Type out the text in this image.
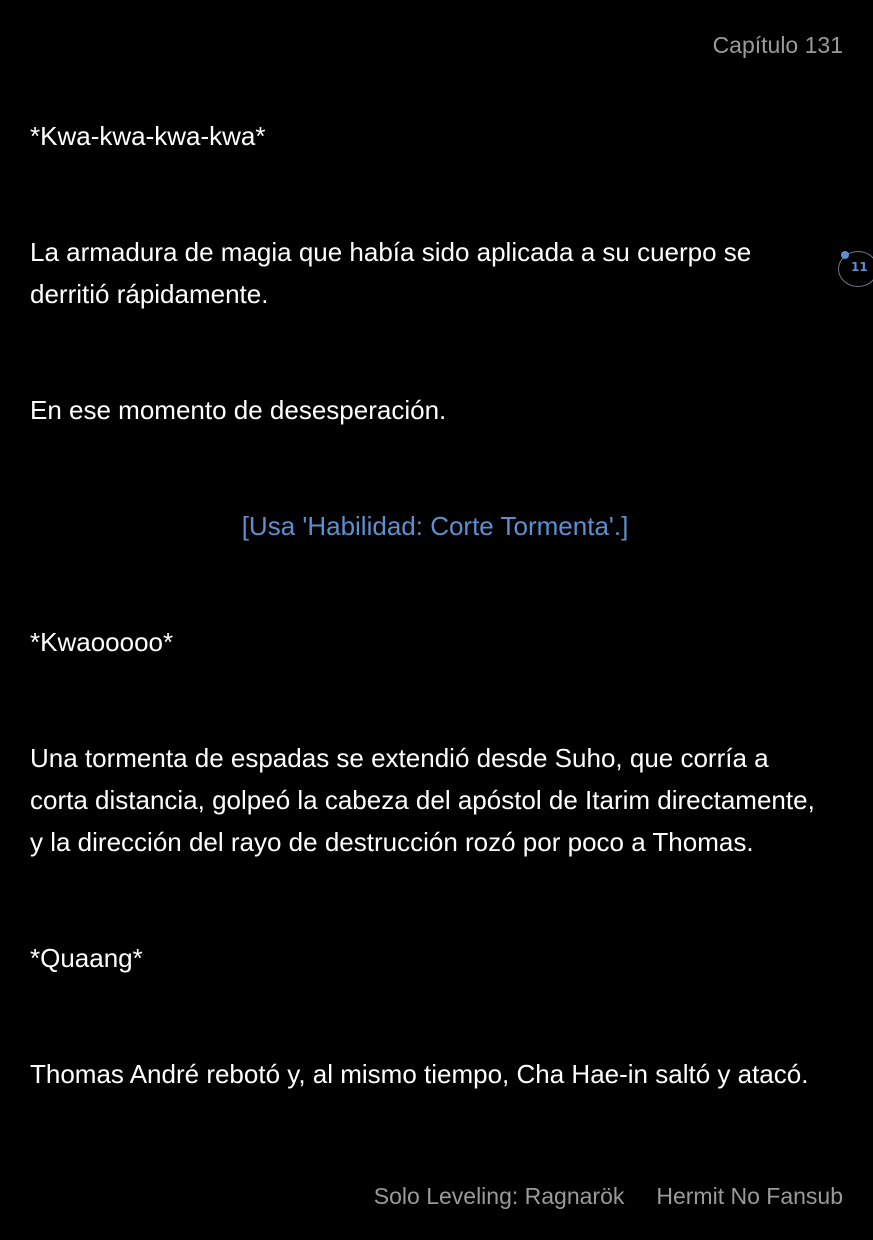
Capítulo 131

*Kwa-kwa-kwa-kwa*

La armadura de magia que había sido aplicada a su cuerpo se derritió rápidamente.

En ese momento de desesperación.

[Usa 'Habilidad: Corte Tormenta'.]

*Kwaooooo*

Una tormenta de espadas se extendió desde Suho, que corría a corta distancia, golpeó la cabeza del apóstol de Itarim directamente, y la dirección del rayo de destrucción rozó por poco a Thomas.

*Quaang*

Thomas André rebotó y, al mismo tiempo, Cha Hae-in saltó y atacó.

11
Solo Leveling: Ragnarök Hermit No Fansub
